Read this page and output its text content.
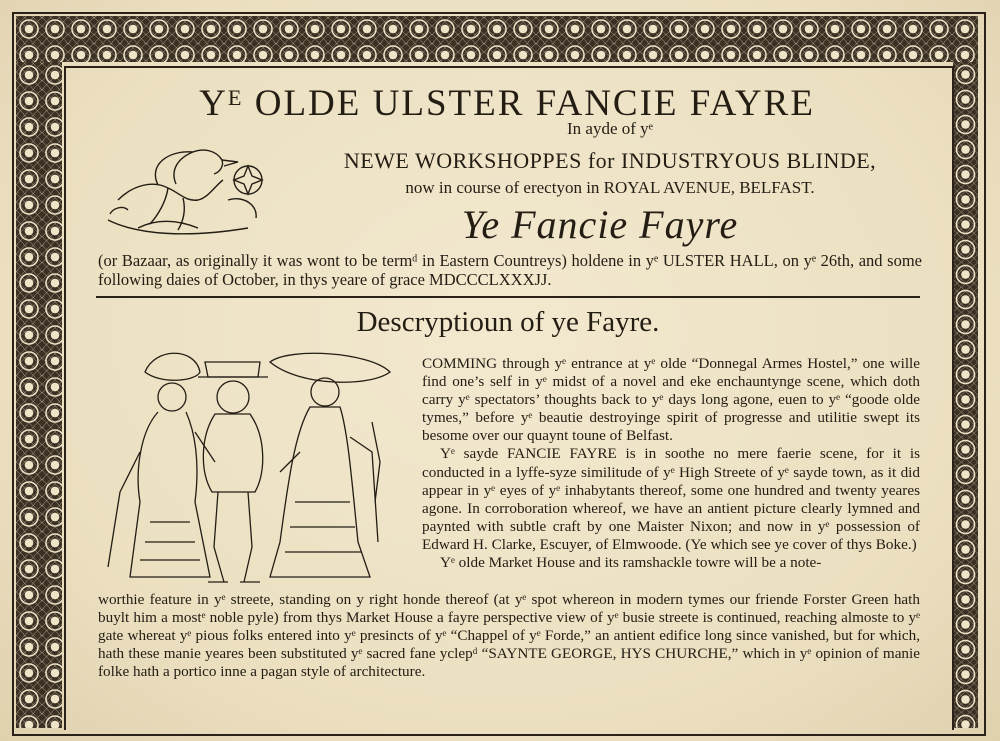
Yᴱ OLDE ULSTER FANCIE FAYRE
In ayde of yᵉ
NEWE WORKSHOPPES for INDUSTRYOUS BLINDE,
now in course of erectyon in ROYAL AVENUE, BELFAST.
Ye Fancie Fayre
(or Bazaar, as originally it was wont to be termᵈ in Eastern Countreys) holdene in yᵉ ULSTER HALL, on yᵉ 26th, and some following daies of October, in thys yeare of grace MDCCCLXXXJJ.
Descryptioun of ye Fayre.

COMMING through yᵉ entrance at yᵉ olde “Donnegal Armes Hostel,” one wille find one’s self in yᵉ midst of a novel and eke enchauntynge scene, which doth carry yᵉ spectators’ thoughts back to yᵉ days long agone, euen to yᵉ “goode olde tymes,” before yᵉ beautie destroyinge spirit of progresse and utilitie swept its besome over our quaynt toune of Belfast.

Yᵉ sayde FANCIE FAYRE is in soothe no mere faerie scene, for it is conducted in a lyffe-syze similitude of yᵉ High Streete of yᵉ sayde town, as it did appear in yᵉ eyes of yᵉ inhabytants thereof, some one hundred and twenty yeares agone. In corroboration whereof, we have an antient picture clearly lymned and paynted with subtle craft by one Maister Nixon; and now in yᵉ possession of Edward H. Clarke, Escuyer, of Elmwoode. (Ye which see ye cover of thys Boke.)

Yᵉ olde Market House and its ramshackle towre will be a note-

worthie feature in yᵉ streete, standing on y right honde thereof (at yᵉ spot whereon in modern tymes our friende Forster Green hath buylt him a mostᵉ noble pyle) from thys Market House a fayre perspective view of yᵉ busie streete is continued, reaching almoste to yᵉ gate whereat yᵉ pious folks entered into yᵉ presincts of yᵉ “Chappel of yᵉ Forde,” an antient edifice long since vanished, but for which, hath these manie yeares been substituted yᵉ sacred fane yclepᵈ “SAYNTE GEORGE, HYS CHURCHE,” which in yᵉ opinion of manie folke hath a portico inne a pagan style of architecture.
